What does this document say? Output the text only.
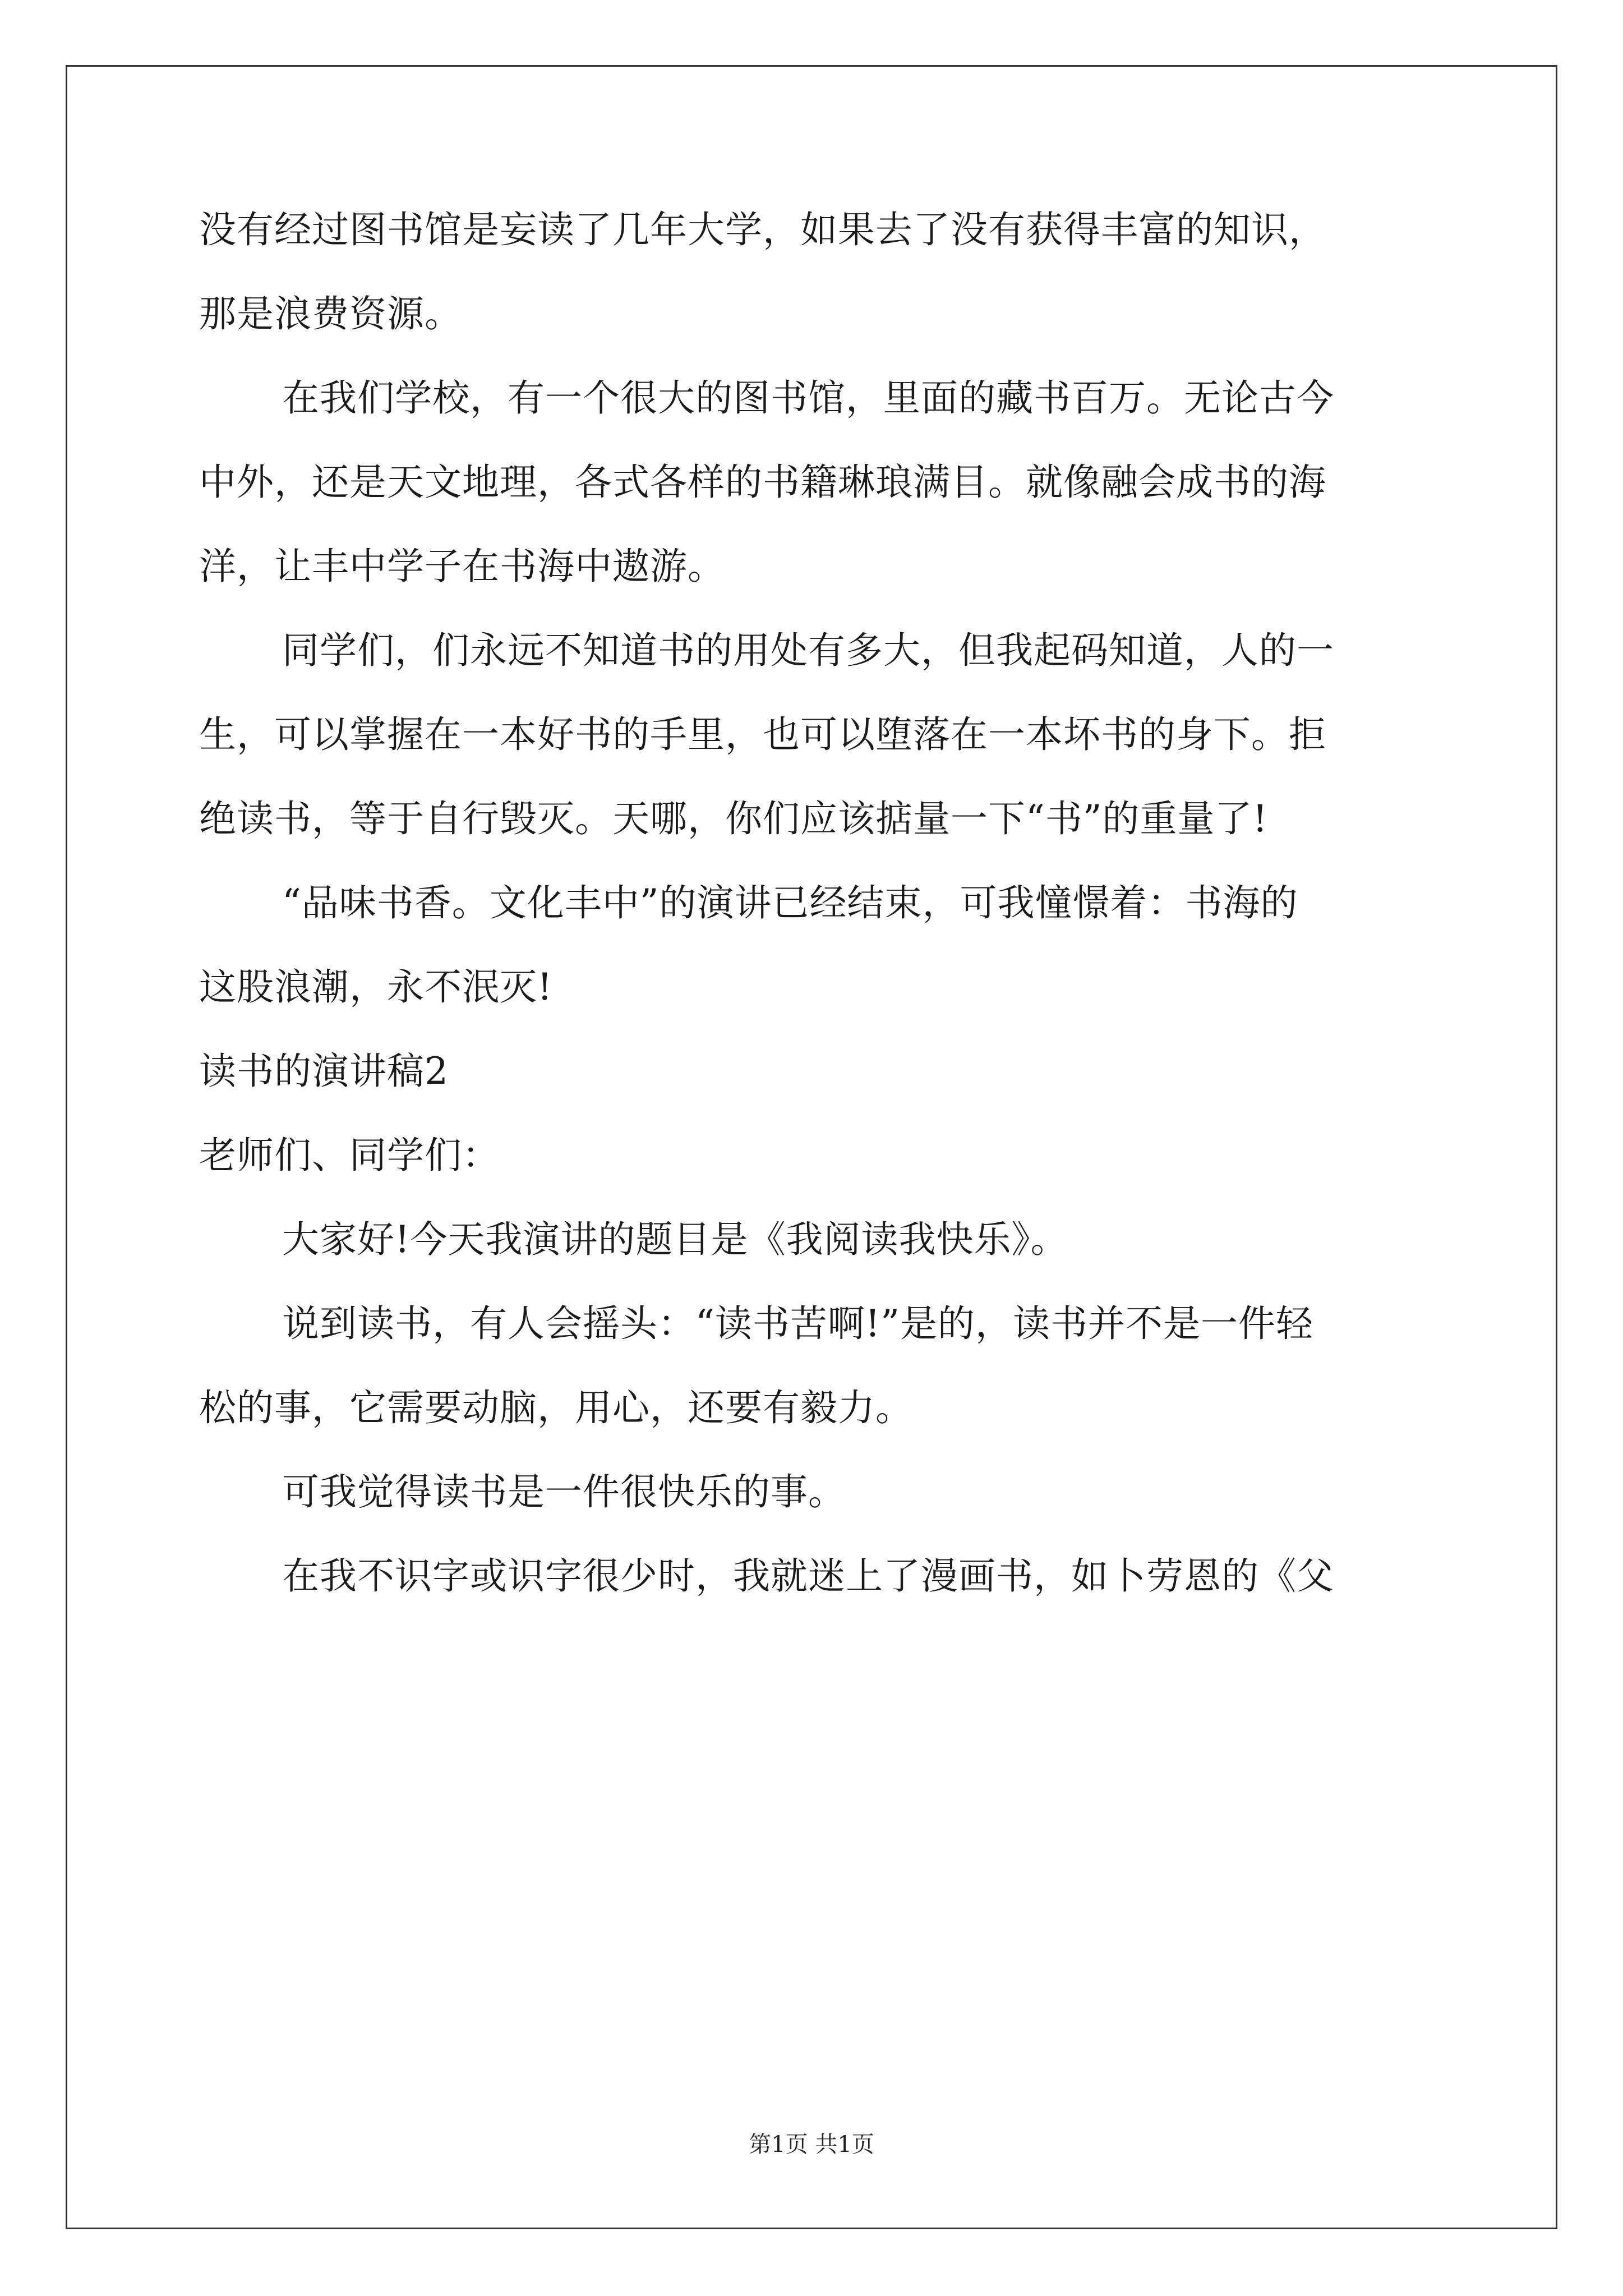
没有经过图书馆是妄读了几年大学，如果去了没有获得丰富的知识，
那是浪费资源。
在我们学校，有一个很大的图书馆，里面的藏书百万。无论古今
中外，还是天文地理，各式各样的书籍琳琅满目。就像融会成书的海
洋，让丰中学子在书海中遨游。
同学们，们永远不知道书的用处有多大，但我起码知道，人的一
生，可以掌握在一本好书的手里，也可以堕落在一本坏书的身下。拒
绝读书，等于自行毁灭。天哪，你们应该掂量一下“书”的重量了!
“品味书香。文化丰中”的演讲已经结束，可我憧憬着：书海的
这股浪潮，永不泯灭!
读书的演讲稿2
老师们、同学们：
大家好!今天我演讲的题目是《我阅读我快乐》。
说到读书，有人会摇头：“读书苦啊!”是的，读书并不是一件轻
松的事，它需要动脑，用心，还要有毅力。
可我觉得读书是一件很快乐的事。
在我不识字或识字很少时，我就迷上了漫画书，如卜劳恩的《父
第1页 共1页
